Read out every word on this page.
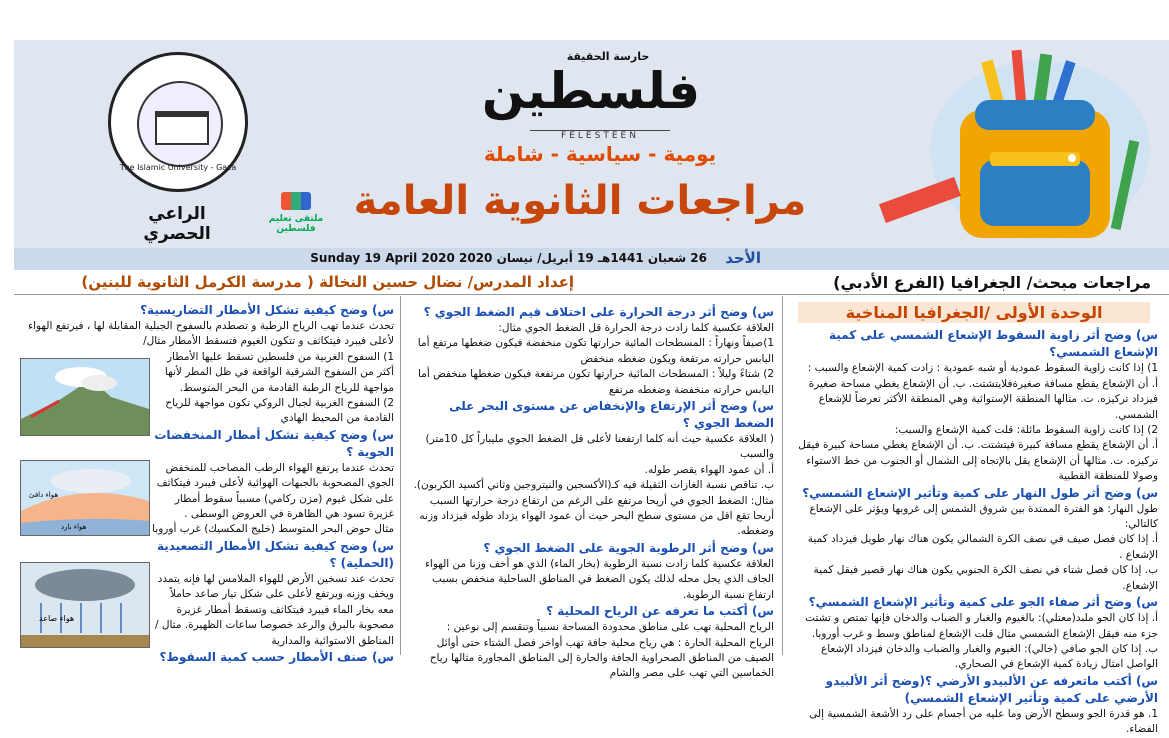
The Islamic University - Gaza
الراعي الحصري
ملتقى تعليم فلسطين
حارسة الحقيقة
فلسطين
FELESTEEN
يومية - سياسية - شاملة
مراجعات الثانوية العامة
الأحد
26 شعبان 1441هـ 19 أبريل/ نيسان 2020 Sunday 19 April 2020
مراجعات مبحث/ الجغرافيا (الفرع الأدبي)
إعداد المدرس/ نضال حسين النخالة ( مدرسة الكرمل الثانوية للبنين)
الوحدة الأولى /الجغرافيا المناخية

س) وضح أثر زاوية السقوط الإشعاع الشمسي على كمية الإشعاع الشمسي؟

1) إذا كانت زاوية السقوط عمودية أو شبه عمودية : زادت كمية الإشعاع والسبب :

أ. أن الإشعاع يقطع مسافة صغيرةفلايتشتت. ب. أن الإشعاع يغطي مساحة صغيرة فيزداد تركيزه. ت. مثالها المنطقة الإستوائية وهي المنطقة الأكثر تعرضاً للإشعاع الشمسي.

2) إذا كانت زاوية السقوط مائلة: قلت كمية الإشعاع والسبب:

أ. أن الإشعاع يقطع مسافة كبيرة فيتشتت. ب. أن الإشعاع يغطي مساحة كبيرة فيقل تركيزه. ت. مثالها أن الإشعاع يقل بالإتجاه إلى الشمال أو الجنوب من خط الاستواء وصولا للمنطقة القطبية

س) وضح أثر طول النهار على كمية وتأثير الإشعاع الشمسي؟

طول النهار: هو الفترة الممتدة بين شروق الشمس إلى غروبها ويؤثر على الإشعاع كالتالي:

أ. إذا كان فصل صيف في نصف الكرة الشمالي يكون هناك نهار طويل فيزداد كمية الإشعاع .

ب. إذا كان فصل شتاء في نصف الكرة الجنوبي يكون هناك نهار قصير فيقل كمية الإشعاع.

س) وضح أثر صفاء الجو على كمية وتأثير الإشعاع الشمسي؟

أ. إذا كان الجو ملبد(معتلي): بالغيوم والغبار و الضباب والدخان فإنها تمتص و تشتت جزء منه فيقل الإشعاع الشمسي مثال قلت الإشعاع لمناطق وسط و غرب أوروبا.

ب. إذا كان الجو صافي (خالي): الغيوم والغبار والضباب والدخان فيزداد الإشعاع الواصل امثال زيادة كمية الإشعاع في الصحاري.

س) أكتب ماتعرفه عن الألبيدو الأرضي ؟(وضح أثر الألبيدو الأرضي على كمية وتأثير الإشعاع الشمسي)

1. هو قدرة الجو وسطح الأرض وما عليه من أجسام على رد الأشعة الشمسية إلى الفضاء.

س) وضح أثر درجة الحرارة على اختلاف قيم الضغط الجوي ؟

العلاقة عكسية كلما زادت درجة الحرارة قل الضغط الجوي مثال:

1)صيفاً ونهاراً : المسطحات المائية حرارتها تكون منخفضة فيكون ضغطها مرتفع أما اليابس حرارته مرتفعة ويكون ضغطه منخفض

2) شتاءً وليلاً : المسطحات المائية حرارتها تكون مرتفعة فيكون ضغطها منخفض أما اليابس حرارته منخفضة وضغطه مرتفع

س) وضح أثر الإرتفاع والإنخفاض عن مستوى البحر على الضغط الجوي ؟

( العلاقة عكسية حيث أنه كلما ارتفعنا لأعلى قل الضغط الجوي مليباراً كل 10متر) والسبب

أ. أن عمود الهواء يقصر طوله.

ب. تناقص نسبة الغازات الثقيلة فيه كـ(الأكسجين والنيتروجين وثاني أكسيد الكربون).

مثال: الضغط الجوي في أريحا مرتفع على الرغم من ارتفاع درجة حرارتها السبب أريحا تقع اقل من مستوى سطح البحر حيث أن عمود الهواء يزداد طوله فيزداد وزنه وضغطه.

س) وضح أثر الرطوبة الجوية على الضغط الجوي ؟

العلاقة عكسية كلما زادت نسبة الرطوبة (بخار الماء) الذي هو أخف وزنا من الهواء الجاف الذي يحل محله لذلك يكون الضغط في المناطق الساحلية منخفض بسبب ارتفاع نسبة الرطوبة.

س) أكتب ما تعرفه عن الرياح المحلية ؟

الرياح المحلية تهب على مناطق محدودة المساحة نسبياً وتنقسم إلى نوعين :

الرياح المحلية الحارة : هي رياح محلية جافة تهب أواخر فصل الشتاء حتى أوائل الصيف من المناطق الصحراوية الجافة والحارة إلى المناطق المجاورة مثالها رياح الخماسين التي تهب على مصر والشام

س) وضح كيفية تشكل الأمطار التضاريسية؟

تحدث عندما تهب الرياح الرطبة و تصطدم بالسفوح الجبلية المقابلة لها ، فيرتفع الهواء لأعلى فيبرد فيتكاثف و تتكون الغيوم فتسقط الأمطار مثال/

1) السفوح الغربية من فلسطين تسقط عليها الأمطار أكثر من السفوح الشرقية الواقعة في ظل المطر لأنها مواجهة للرياح الرطبة القادمة من البحر المتوسط.

2) السفوح الغربية لجبال الروكي تكون مواجهة للرياح القادمة من المحيط الهادي

س) وضح كيفية تشكل أمطار المنخفضات الجوية ؟

تحدث عندما يرتفع الهواء الرطب المصاحب للمنخفض الجوي المصحوبة بالجبهات الهوائية لأعلى فيبرد فيتكاثف على شكل غيوم (مزن ركامي) مسبباً سقوط أمطار غزيرة تسود هي الظاهرة في العروض الوسطى .

مثال حوض البحر المتوسط (خليج المكسيك) غرب أوروبا

س) وضح كيفية تشكل الأمطار التصعيدية (الحملية) ؟

تحدث عند تسخين الأرض للهواء الملامس لها فإنه يتمدد ويخف وزنه ويرتفع لأعلى على شكل تيار صاعد حاملاً معه بخار الماء فيبرد فيتكاثف وتسقط أمطار غزيرة مصحوبة بالبرق والرعد خصوصا ساعات الظهيرة. مثال / المناطق الاستوائية والمدارية

س) صنف الأمطار حسب كمية السقوط؟

هواء دافئ
هواء بارد
هواء صاعد
